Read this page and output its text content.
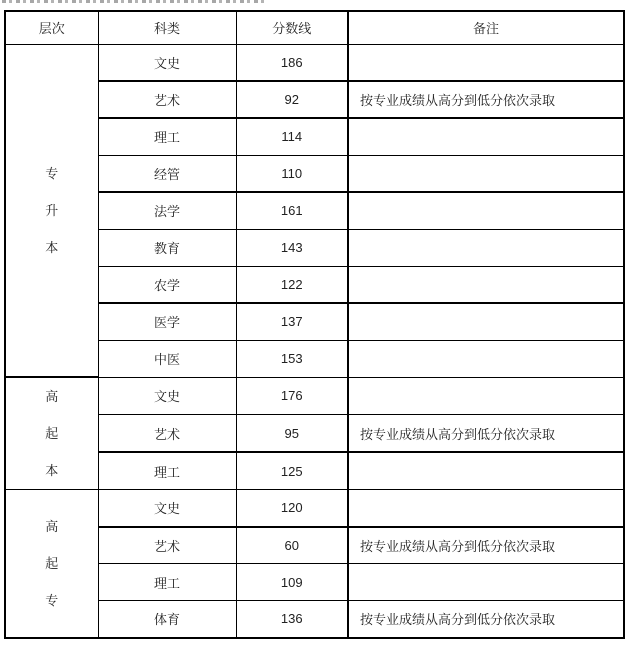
层次	科类	分数线	备注

专
升
本	文史	186	
	艺术	92	按专业成绩从高分到低分依次录取
	理工	114	
	经管	110	
	法学	161	
	教育	143	
	农学	122	
	医学	137	
	中医	153	

高
起
本	文史	176	
	艺术	95	按专业成绩从高分到低分依次录取
	理工	125	

高
起
专	文史	120	
	艺术	60	按专业成绩从高分到低分依次录取
	理工	109	
	体育	136	按专业成绩从高分到低分依次录取
